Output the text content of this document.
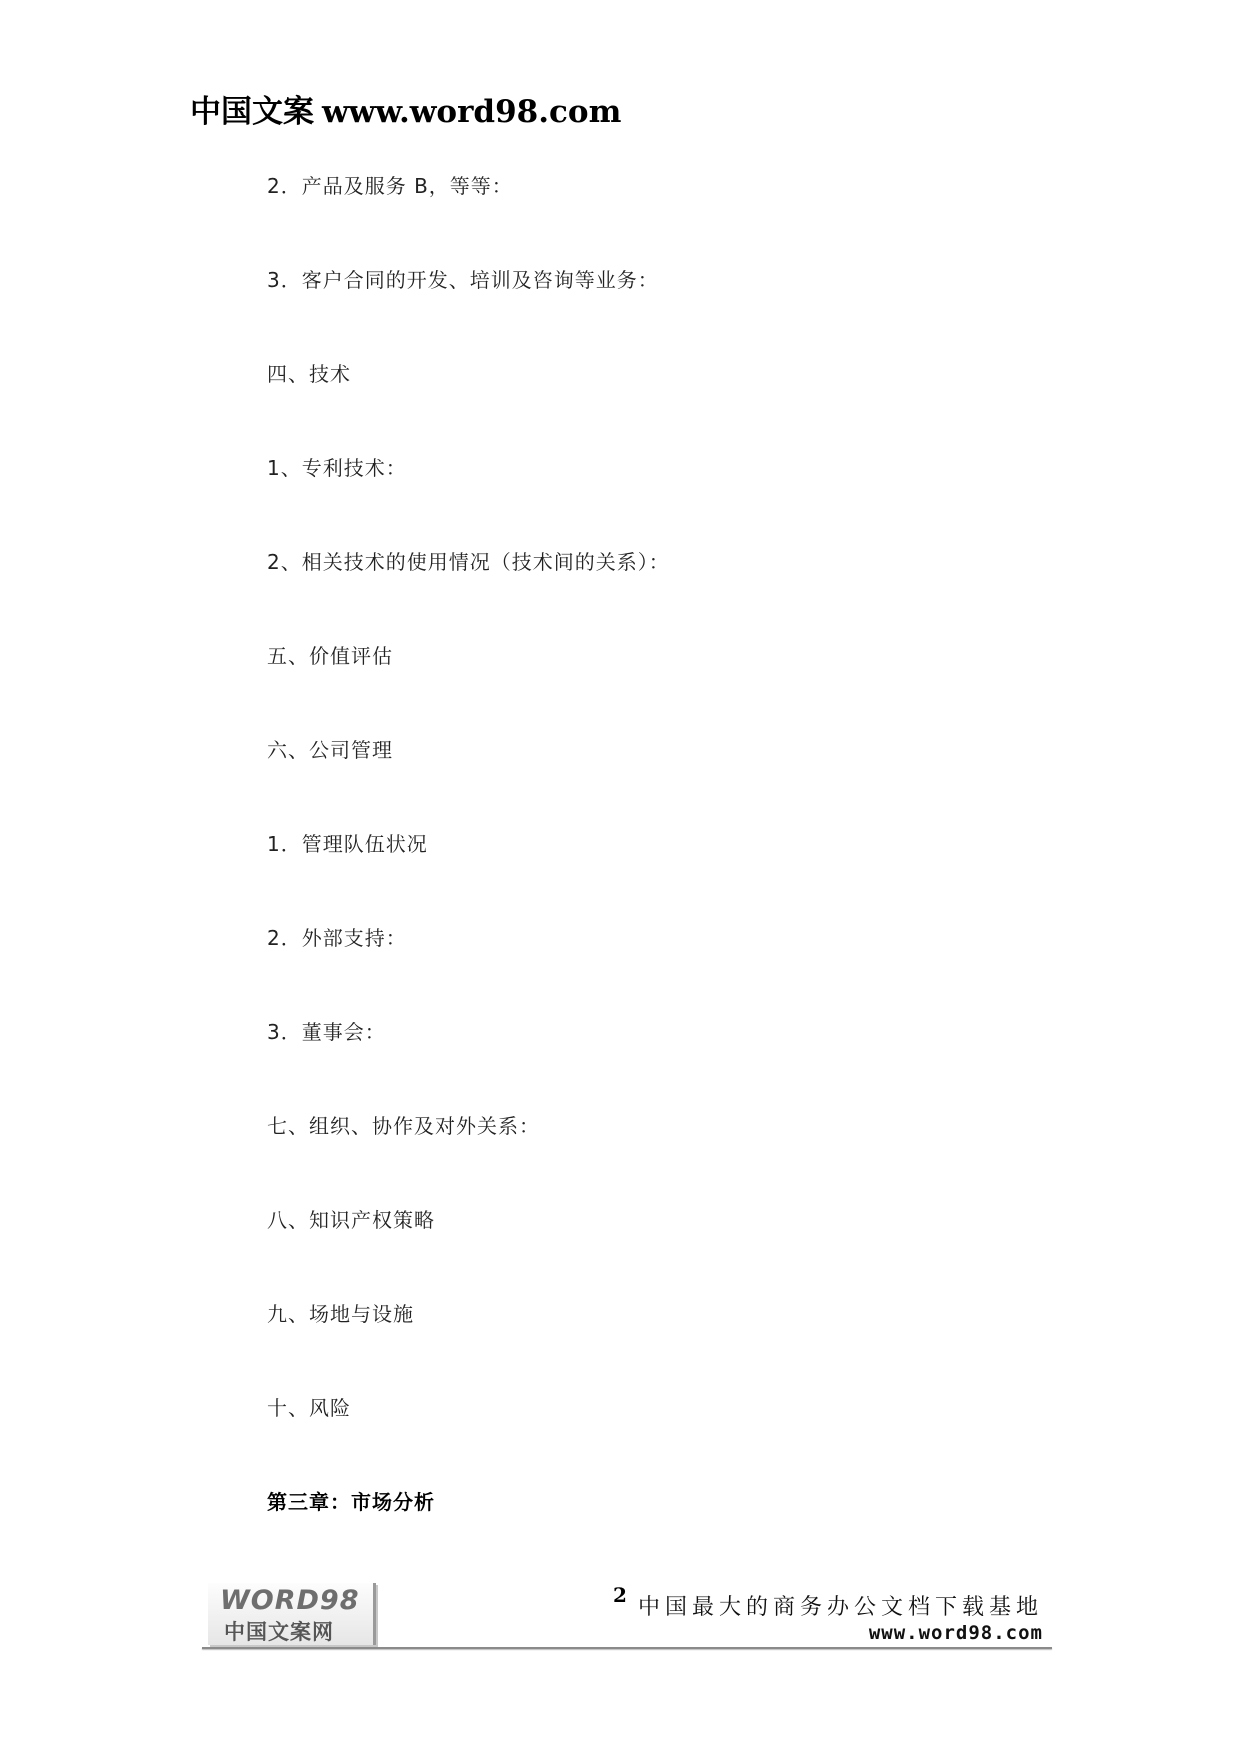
中国文案 www.word98.com
2．产品及服务 B，等等：
3．客户合同的开发、培训及咨询等业务：
四、技术
1、专利技术：
2、相关技术的使用情况（技术间的关系）：
五、价值评估
六、公司管理
1．管理队伍状况
2．外部支持：
3．董事会：
七、组织、协作及对外关系：
八、知识产权策略
九、场地与设施
十、风险
第三章：市场分析
WORD98
中国文案网
2 中国最大的商务办公文档下载基地
www.word98.com
